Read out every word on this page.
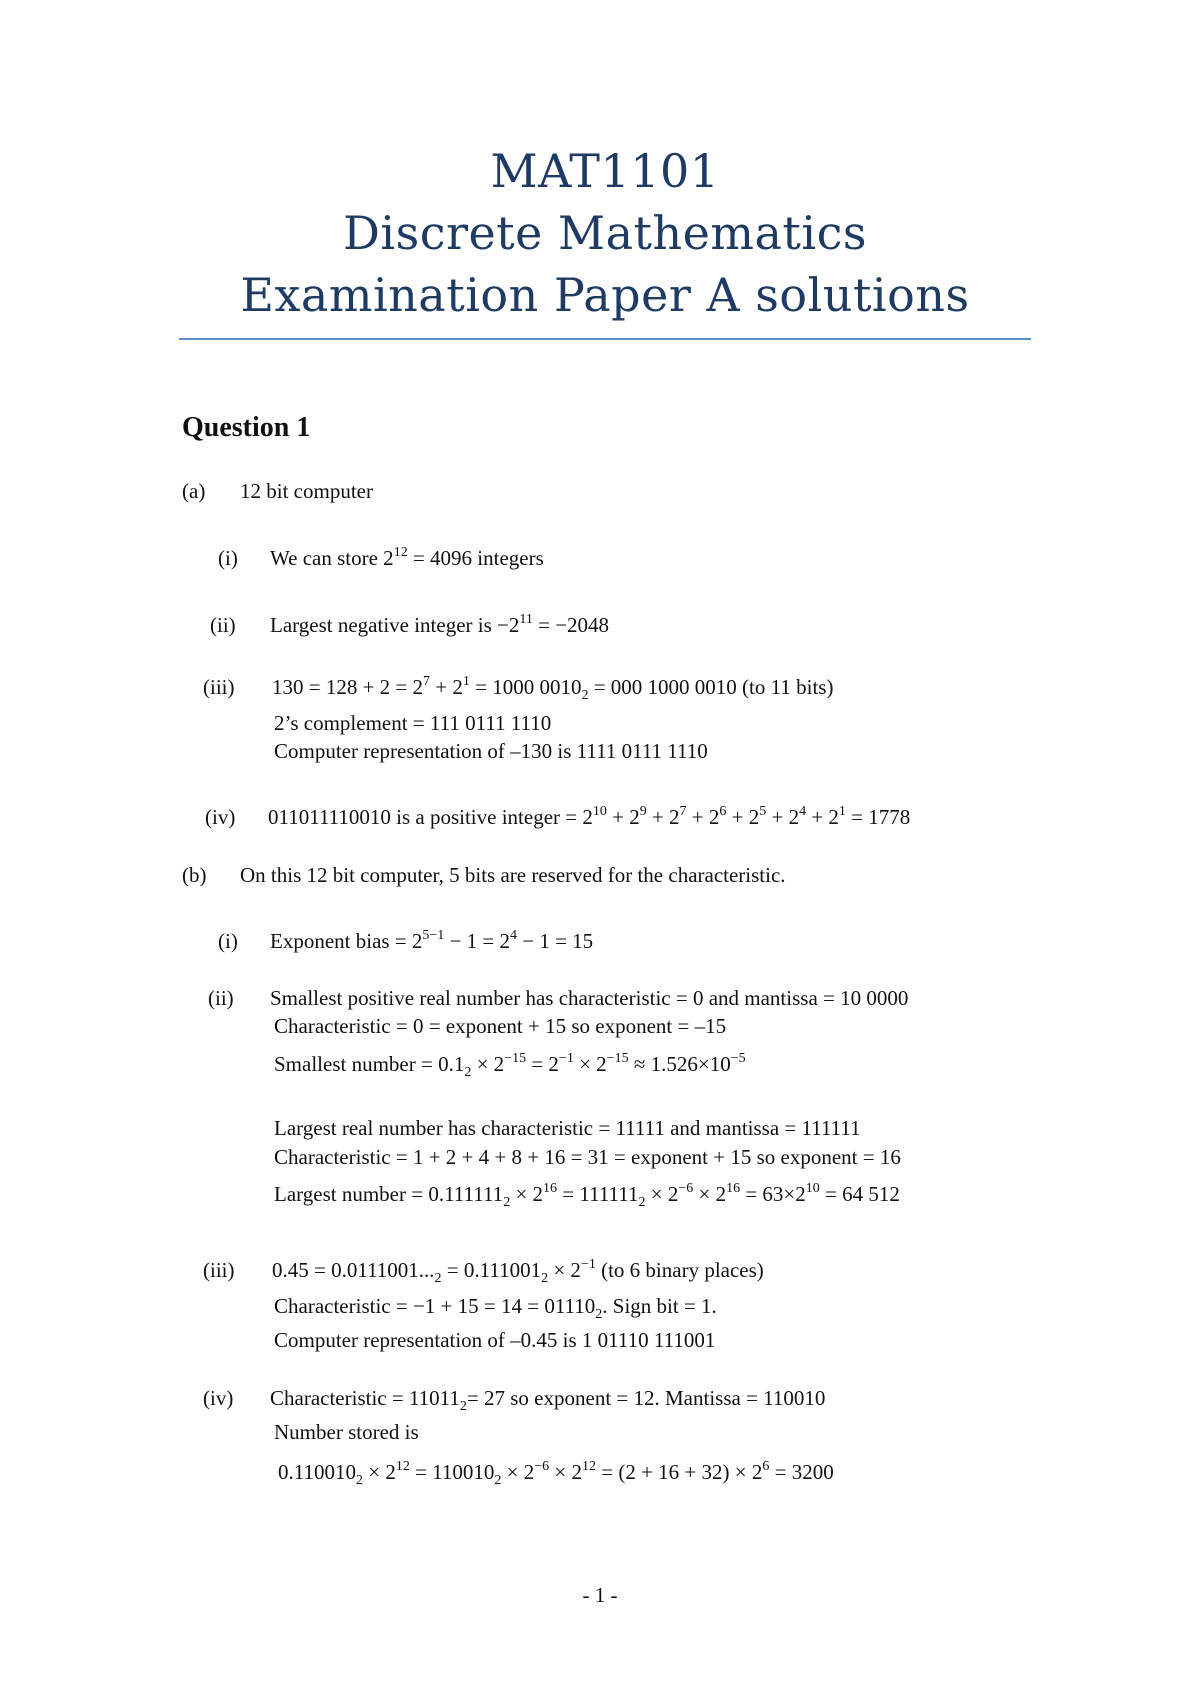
MAT1101
Discrete Mathematics
Examination Paper A solutions
Question 1
(a) 12 bit computer
(i) We can store $2^{12} = 4096$ integers
(ii) Largest negative integer is $-2^{11} = -2048$
(iii) $130 = 128 + 2 = 2^7 + 2^1 = 1000$ $0010_2 = 000$ 1000 0010 (to 11 bits)
2’s complement = 111 0111 1110
Computer representation of –130 is 1111 0111 1110
(iv) 011011110010 is a positive integer = $2^{10} + 2^9 + 2^7 + 2^6 + 2^5 + 2^4 + 2^1 = 1778$
(b) On this 12 bit computer, 5 bits are reserved for the characteristic.
(i) Exponent bias = $2^{5-1} - 1 = 2^4 - 1 = 15$
(ii) Smallest positive real number has characteristic = 0 and mantissa = 10 0000
Characteristic = 0 = exponent + 15 so exponent = –15
Smallest number = $0.1_2 \times 2^{-15} = 2^{-1} \times 2^{-15} \approx 1.526\times 10^{-5}$
Largest real number has characteristic = 11111 and mantissa = 111111
Characteristic = 1 + 2 + 4 + 8 + 16 = 31 = exponent + 15 so exponent = 16
Largest number = $0.111111_2 \times 2^{16} = 111111_2 \times 2^{-6} \times 2^{16} = 63\times 2^{10} = 64$ 512
(iii) $0.45 = 0.0111001..._2 = 0.111001_2 \times 2^{-1}$ (to 6 binary places)
Characteristic = $-1 + 15 = 14 = 01110_2$. Sign bit = 1.
Computer representation of –0.45 is 1 01110 111001
(iv) Characteristic = $11011_2= 27$ so exponent = 12. Mantissa = 110010
Number stored is
$0.110010_2 \times 2^{12} = 110010_2 \times 2^{-6} \times 2^{12} = (2 + 16 + 32) \times 2^6 = 3200$
- 1 -
